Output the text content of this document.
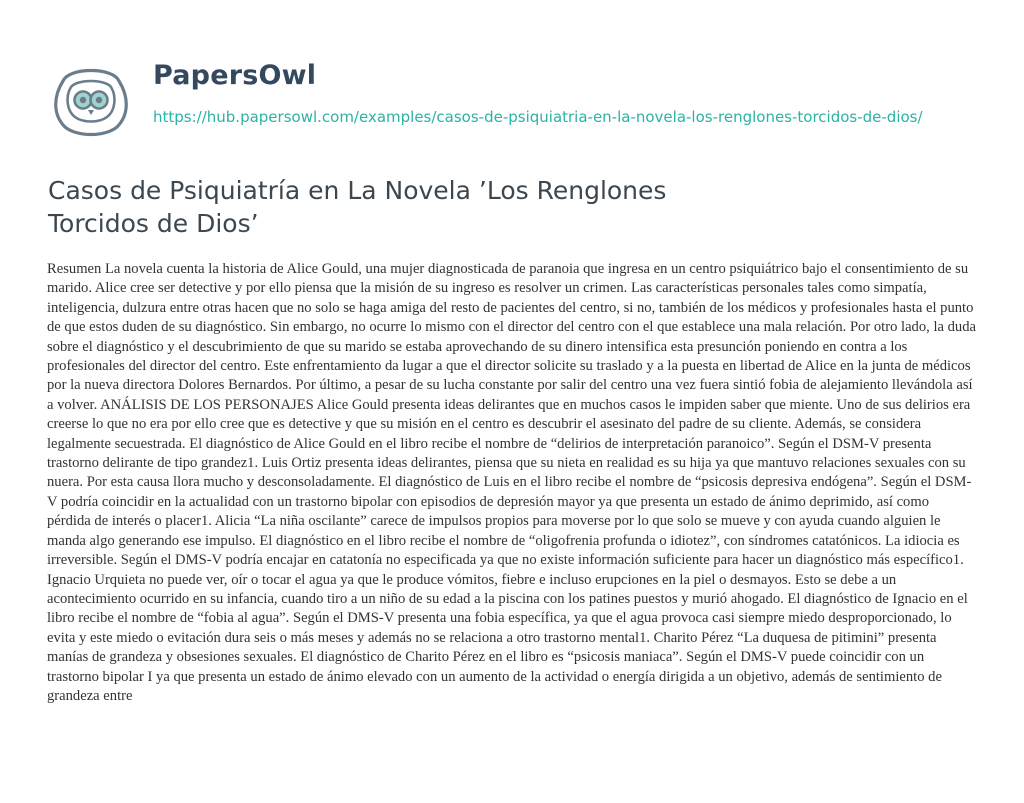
PapersOwl
https://hub.papersowl.com/examples/casos-de-psiquiatria-en-la-novela-los-renglones-torcidos-de-dios/
Casos de Psiquiatría en La Novela ’Los Renglones Torcidos de Dios’

Resumen La novela cuenta la historia de Alice Gould, una mujer diagnosticada de paranoia que ingresa en un centro psiquiátrico bajo el consentimiento de su marido. Alice cree ser detective y por ello piensa que la misión de su ingreso es resolver un crimen. Las características personales tales como simpatía, inteligencia, dulzura entre otras hacen que no solo se haga amiga del resto de pacientes del centro, si no, también de los médicos y profesionales hasta el punto de que estos duden de su diagnóstico. Sin embargo, no ocurre lo mismo con el director del centro con el que establece una mala relación. Por otro lado, la duda sobre el diagnóstico y el descubrimiento de que su marido se estaba aprovechando de su dinero intensifica esta presunción poniendo en contra a los profesionales del director del centro. Este enfrentamiento da lugar a que el director solicite su traslado y a la puesta en libertad de Alice en la junta de médicos por la nueva directora Dolores Bernardos. Por último, a pesar de su lucha constante por salir del centro una vez fuera sintió fobia de alejamiento llevándola así a volver. ANÁLISIS DE LOS PERSONAJES Alice Gould presenta ideas delirantes que en muchos casos le impiden saber que miente. Uno de sus delirios era creerse lo que no era por ello cree que es detective y que su misión en el centro es descubrir el asesinato del padre de su cliente. Además, se considera legalmente secuestrada. El diagnóstico de Alice Gould en el libro recibe el nombre de “delirios de interpretación paranoico”. Según el DSM-V presenta trastorno delirante de tipo grandez1. Luis Ortiz presenta ideas delirantes, piensa que su nieta en realidad es su hija ya que mantuvo relaciones sexuales con su nuera. Por esta causa llora mucho y desconsoladamente. El diagnóstico de Luis en el libro recibe el nombre de “psicosis depresiva endógena”. Según el DSM-V podría coincidir en la actualidad con un trastorno bipolar con episodios de depresión mayor ya que presenta un estado de ánimo deprimido, así como pérdida de interés o placer1. Alicia “La niña oscilante” carece de impulsos propios para moverse por lo que solo se mueve y con ayuda cuando alguien le manda algo generando ese impulso. El diagnóstico en el libro recibe el nombre de “oligofrenia profunda o idiotez”, con síndromes catatónicos. La idiocia es irreversible. Según el DMS-V podría encajar en catatonía no especificada ya que no existe información suficiente para hacer un diagnóstico más específico1. Ignacio Urquieta no puede ver, oír o tocar el agua ya que le produce vómitos, fiebre e incluso erupciones en la piel o desmayos. Esto se debe a un acontecimiento ocurrido en su infancia, cuando tiro a un niño de su edad a la piscina con los patines puestos y murió ahogado. El diagnóstico de Ignacio en el libro recibe el nombre de “fobia al agua”. Según el DMS-V presenta una fobia específica, ya que el agua provoca casi siempre miedo desproporcionado, lo evita y este miedo o evitación dura seis o más meses y además no se relaciona a otro trastorno mental1. Charito Pérez “La duquesa de pitimini” presenta manías de grandeza y obsesiones sexuales. El diagnóstico de Charito Pérez en el libro es “psicosis maniaca”. Según el DMS-V puede coincidir con un trastorno bipolar I ya que presenta un estado de ánimo elevado con un aumento de la actividad o energía dirigida a un objetivo, además de sentimiento de grandeza entre
